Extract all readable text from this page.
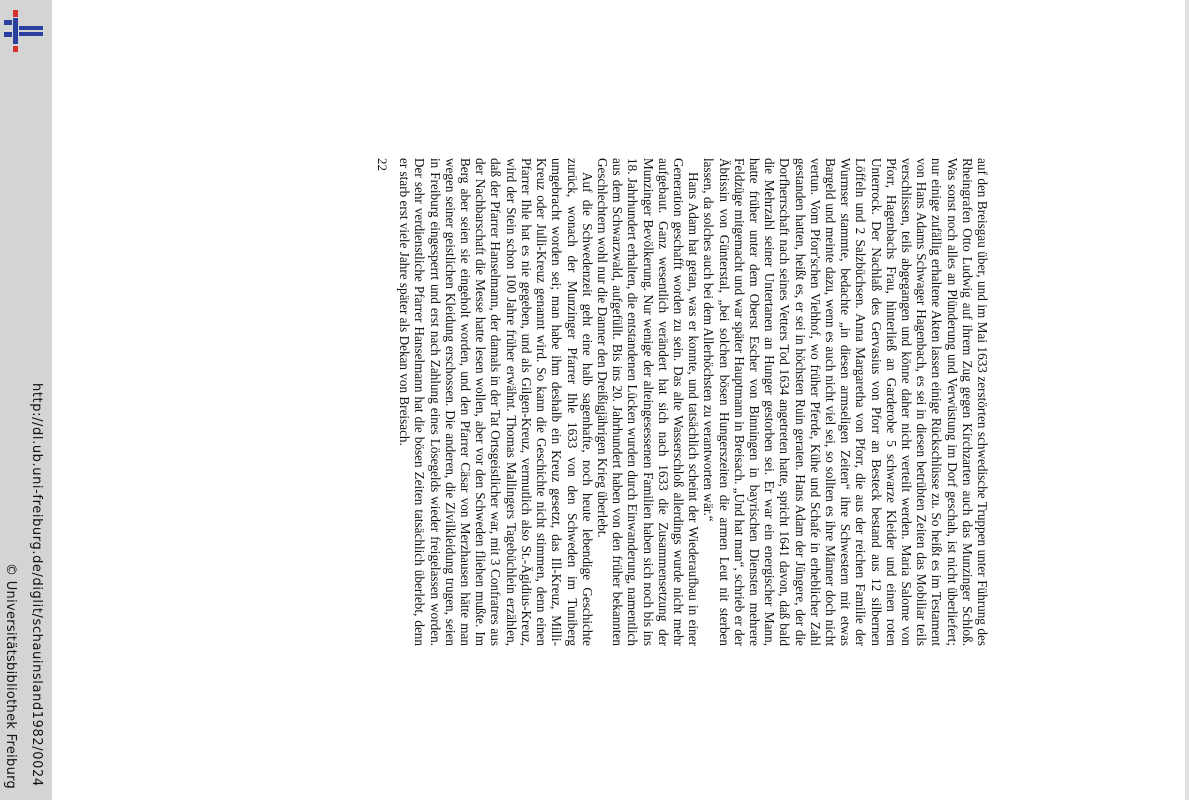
http://dl.ub.uni-freiburg.de/diglit/schauinsland1982/0024
© Universitätsbibliothek Freiburg

auf den Breisgau über, und im Mai 1633 zerstörten schwedische Truppen unter Führung des Rheingrafen Otto Ludwig auf ihrem Zug gegen Kirchzarten auch das Munzinger Schloß. Was sonst noch alles an Plünderung und Verwüstung im Dorf geschah, ist nicht überliefert; nur einige zufällig erhaltene Akten lassen einige Rückschlüsse zu. So heißt es im Testament von Hans Adams Schwager Hagenbach, es sei in diesen betrübten Zeiten das Mobiliar teils verschlissen, teils abgegangen und könne daher nicht verteilt werden. Maria Salome von Pforr, Hagenbachs Frau, hinterließ an Garderobe 5 schwarze Kleider und einen roten Unterrock. Der Nachlaß des Gervasius von Pforr an Besteck bestand aus 12 silbernen Löffeln und 2 Salzbüchsen. Anna Margaretha von Pforr, die aus der reichen Familie der Wurmser stammte, bedachte „in diesen armseligen Zeiten“ ihre Schwestern mit etwas Bargeld und meinte dazu, wenn es auch nicht viel sei, so sollten es ihre Männer doch nicht vertun. Vom Pforr'schen Viehhof, wo früher Pferde, Kühe und Schafe in erheblicher Zahl gestanden hatten, heißt es, er sei in höchsten Ruin geraten. Hans Adam der Jüngere, der die Dorfherrschaft nach seines Vetters Tod 1634 angetreten hatte, spricht 1641 davon, daß bald die Mehrzahl seiner Untertanen an Hunger gestorben sei. Er war ein energischer Mann, hatte früher unter dem Oberst Escher von Binningen in bayrischen Diensten mehrere Feldzüge mitgemacht und war später Hauptmann in Breisach. „Und hat man“, schrieb er der Äbtissin von Günterstal, „bei solchen bösen Hungerszeiten die armen Leut nit sterben lassen, da solches auch bei dem Allerhöchsten zu verantworten wär.“

Hans Adam hat getan, was er konnte, und tatsächlich scheint der Wiederaufbau in einer Generation geschafft worden zu sein. Das alte Wasserschloß allerdings wurde nicht mehr aufgebaut. Ganz wesentlich verändert hat sich nach 1633 die Zusammensetzung der Munzinger Bevölkerung. Nur wenige der alteingesessenen Familien haben sich noch bis ins 18. Jahrhundert erhalten, die entstandenen Lücken wurden durch Einwanderung, namentlich aus dem Schwarzwald, aufgefüllt. Bis ins 20. Jahrhundert haben von den früher bekannten Geschlechtern wohl nur die Danner den Dreißigjährigen Krieg überlebt.

Auf die Schwedenzeit geht eine halb sagenhafte, noch heute lebendige Geschichte zurück, wonach der Munzinger Pfarrer Ihle 1633 von den Schweden im Tuniberg umgebracht worden sei; man habe ihm deshalb ein Kreuz gesetzt, das Ill-Kreuz, Milli-Kreuz oder Julli-Kreuz genannt wird. So kann die Geschichte nicht stimmen, denn einen Pfarrer Ihle hat es nie gegeben, und als Gilgen-Kreuz, vermutlich also St.-Ägidius-Kreuz, wird der Stein schon 100 Jahre früher erwähnt. Thomas Mallingers Tagebüchlein erzählen, daß der Pfarrer Hanselmann, der damals in der Tat Ortsgeistlicher war, mit 3 Confratres aus der Nachbarschaft die Messe hatte lesen wollen, aber vor den Schweden fliehen mußte. Im Berg aber seien sie eingeholt worden, und den Pfarrer Cäsar von Merzhausen hätte man wegen seiner geistlichen Kleidung erschossen. Die anderen, die Zivilkleidung trugen, seien in Freiburg eingesperrt und erst nach Zahlung eines Lösegelds wieder freigelassen worden. Der sehr verdienstliche Pfarrer Hanselmann hat die bösen Zeiten tatsächlich überlebt, denn er starb erst viele Jahre später als Dekan von Breisach.

22
